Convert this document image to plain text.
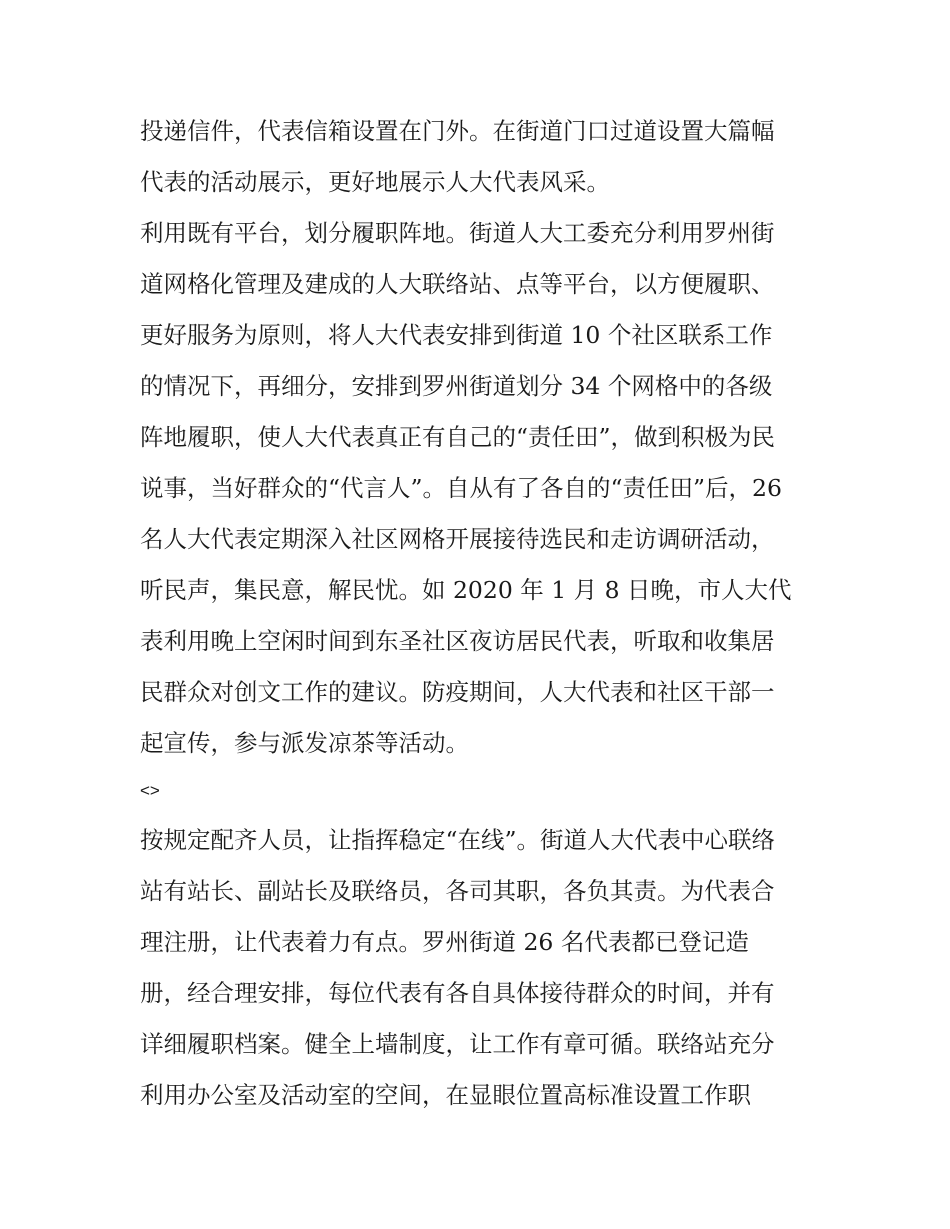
投递信件，代表信箱设置在门外。在街道门口过道设置大篇幅
代表的活动展示，更好地展示人大代表风采。
利用既有平台，划分履职阵地。街道人大工委充分利用罗州街
道网格化管理及建成的人大联络站、点等平台，以方便履职、
更好服务为原则，将人大代表安排到街道 10 个社区联系工作
的情况下，再细分，安排到罗州街道划分 34 个网格中的各级
阵地履职，使人大代表真正有自己的“责任田”，做到积极为民
说事，当好群众的“代言人”。自从有了各自的“责任田”后，26
名人大代表定期深入社区网格开展接待选民和走访调研活动，
听民声，集民意，解民忧。如 2020 年 1 月 8 日晚，市人大代
表利用晚上空闲时间到东圣社区夜访居民代表，听取和收集居
民群众对创文工作的建议。防疫期间，人大代表和社区干部一
起宣传，参与派发凉茶等活动。
<>
按规定配齐人员，让指挥稳定“在线”。街道人大代表中心联络
站有站长、副站长及联络员，各司其职，各负其责。为代表合
理注册，让代表着力有点。罗州街道 26 名代表都已登记造
册，经合理安排，每位代表有各自具体接待群众的时间，并有
详细履职档案。健全上墙制度，让工作有章可循。联络站充分
利用办公室及活动室的空间，在显眼位置高标准设置工作职
